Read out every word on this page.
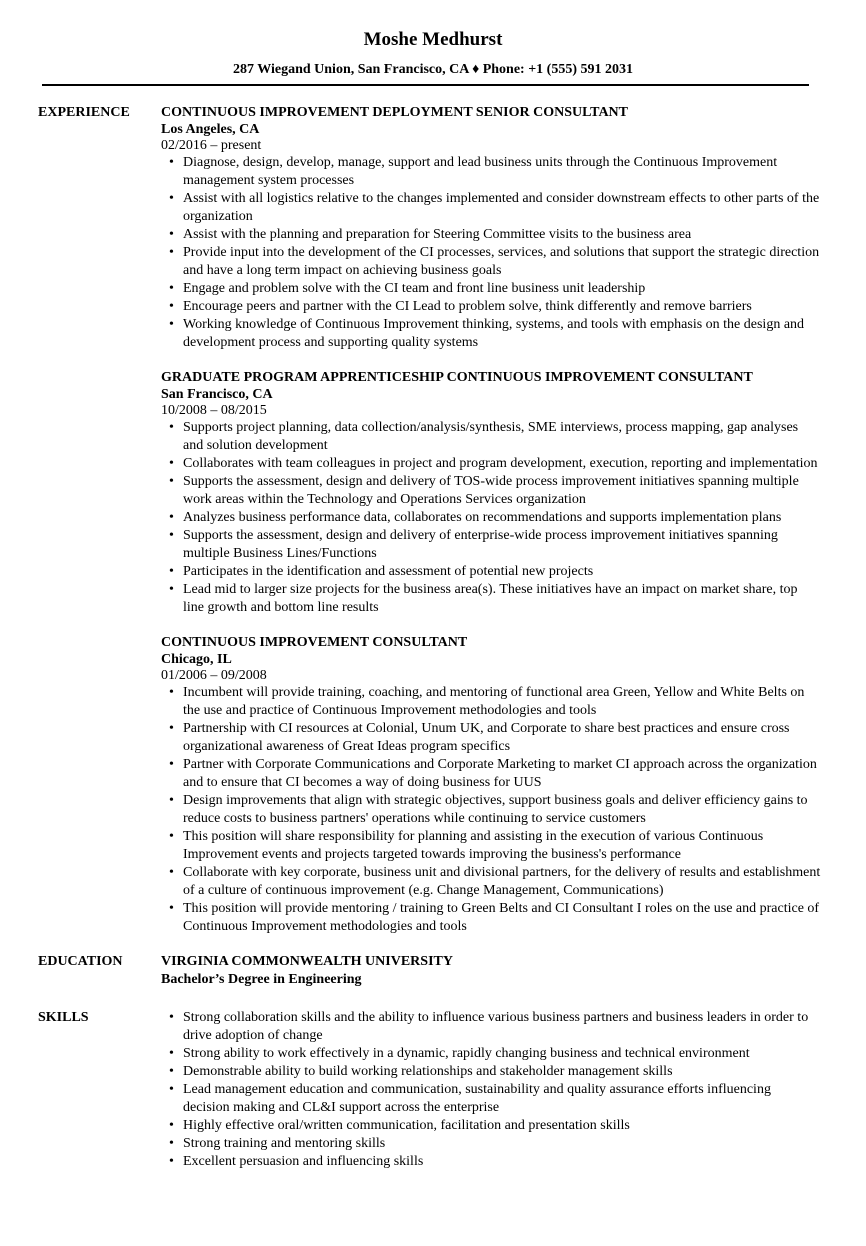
Moshe Medhurst
287 Wiegand Union, San Francisco, CA ♦ Phone: +1 (555) 591 2031
EXPERIENCE	CONTINUOUS IMPROVEMENT DEPLOYMENT SENIOR CONSULTANT
Los Angeles, CA
02/2016 – present
• Diagnose, design, develop, manage, support and lead business units through the Continuous Improvement management system processes
• Assist with all logistics relative to the changes implemented and consider downstream effects to other parts of the organization
• Assist with the planning and preparation for Steering Committee visits to the business area
• Provide input into the development of the CI processes, services, and solutions that support the strategic direction and have a long term impact on achieving business goals
• Engage and problem solve with the CI team and front line business unit leadership
• Encourage peers and partner with the CI Lead to problem solve, think differently and remove barriers
• Working knowledge of Continuous Improvement thinking, systems, and tools with emphasis on the design and development process and supporting quality systems
GRADUATE PROGRAM APPRENTICESHIP CONTINUOUS IMPROVEMENT CONSULTANT
San Francisco, CA
10/2008 – 08/2015
• Supports project planning, data collection/analysis/synthesis, SME interviews, process mapping, gap analyses and solution development
• Collaborates with team colleagues in project and program development, execution, reporting and implementation
• Supports the assessment, design and delivery of TOS-wide process improvement initiatives spanning multiple work areas within the Technology and Operations Services organization
• Analyzes business performance data, collaborates on recommendations and supports implementation plans
• Supports the assessment, design and delivery of enterprise-wide process improvement initiatives spanning multiple Business Lines/Functions
• Participates in the identification and assessment of potential new projects
• Lead mid to larger size projects for the business area(s). These initiatives have an impact on market share, top line growth and bottom line results
CONTINUOUS IMPROVEMENT CONSULTANT
Chicago, IL
01/2006 – 09/2008
• Incumbent will provide training, coaching, and mentoring of functional area Green, Yellow and White Belts on the use and practice of Continuous Improvement methodologies and tools
• Partnership with CI resources at Colonial, Unum UK, and Corporate to share best practices and ensure cross organizational awareness of Great Ideas program specifics
• Partner with Corporate Communications and Corporate Marketing to market CI approach across the organization and to ensure that CI becomes a way of doing business for UUS
• Design improvements that align with strategic objectives, support business goals and deliver efficiency gains to reduce costs to business partners' operations while continuing to service customers
• This position will share responsibility for planning and assisting in the execution of various Continuous Improvement events and projects targeted towards improving the business's performance
• Collaborate with key corporate, business unit and divisional partners, for the delivery of results and establishment of a culture of continuous improvement (e.g. Change Management, Communications)
• This position will provide mentoring / training to Green Belts and CI Consultant I roles on the use and practice of Continuous Improvement methodologies and tools
EDUCATION	VIRGINIA COMMONWEALTH UNIVERSITY
Bachelor’s Degree in Engineering
SKILLS
•	Strong collaboration skills and the ability to influence various business partners and business leaders in order to drive adoption of change
• Strong ability to work effectively in a dynamic, rapidly changing business and technical environment
• Demonstrable ability to build working relationships and stakeholder management skills
• Lead management education and communication, sustainability and quality assurance efforts influencing decision making and CL&I support across the enterprise
• Highly effective oral/written communication, facilitation and presentation skills
• Strong training and mentoring skills
• Excellent persuasion and influencing skills
